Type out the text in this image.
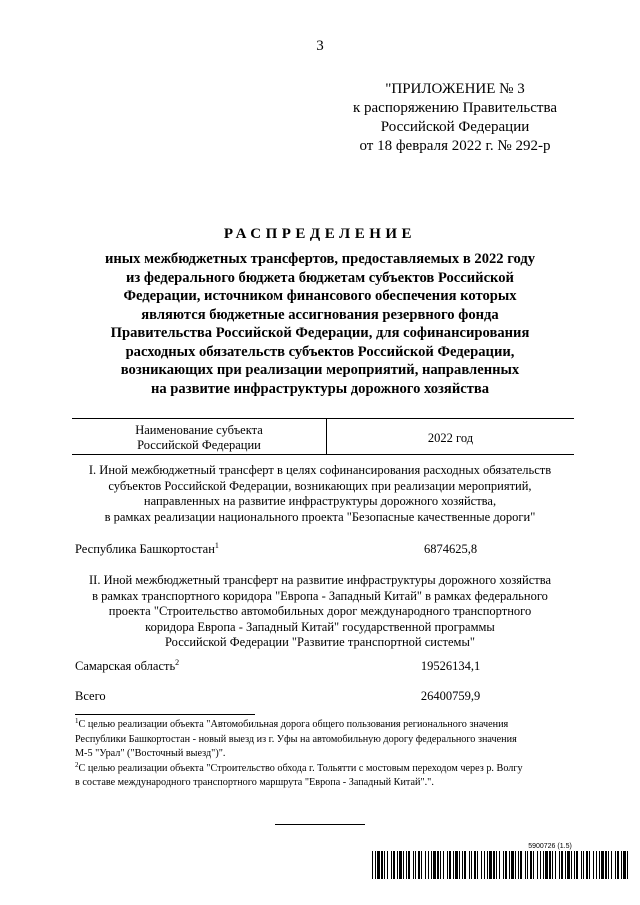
3
"ПРИЛОЖЕНИЕ № 3
к распоряжению Правительства
Российской Федерации
от 18 февраля 2022 г. № 292-р
РАСПРЕДЕЛЕНИЕ
иных межбюджетных трансфертов, предоставляемых в 2022 году
из федерального бюджета бюджетам субъектов Российской
Федерации, источником финансового обеспечения которых
являются бюджетные ассигнования резервного фонда
Правительства Российской Федерации, для софинансирования
расходных обязательств субъектов Российской Федерации,
возникающих при реализации мероприятий, направленных
на развитие инфраструктуры дорожного хозяйства
Наименование субъекта
Российской Федерации	2022 год
I. Иной межбюджетный трансферт в целях софинансирования расходных обязательств
субъектов Российской Федерации, возникающих при реализации мероприятий,
направленных на развитие инфраструктуры дорожного хозяйства,
в рамках реализации национального проекта "Безопасные качественные дороги"
Республика Башкортостан$^1$	6874625,8
II. Иной межбюджетный трансферт на развитие инфраструктуры дорожного хозяйства
в рамках транспортного коридора "Европа - Западный Китай" в рамках федерального
проекта "Строительство автомобильных дорог международного транспортного
коридора Европа - Западный Китай" государственной программы
Российской Федерации "Развитие транспортной системы"
Самарская область$^2$	19526134,1
Всего	26400759,9

$^1$С целью реализации объекта "Автомобильная дорога общего пользования регионального значения
Республики Башкортостан - новый выезд из г. Уфы на автомобильную дорогу федерального значения
М-5 "Урал" ("Восточный выезд")".

$^2$С целью реализации объекта "Строительство обхода г. Тольятти с мостовым переходом через р. Волгу
в составе международного транспортного маршрута "Европа - Западный Китай".".

5900726 (1.5)
